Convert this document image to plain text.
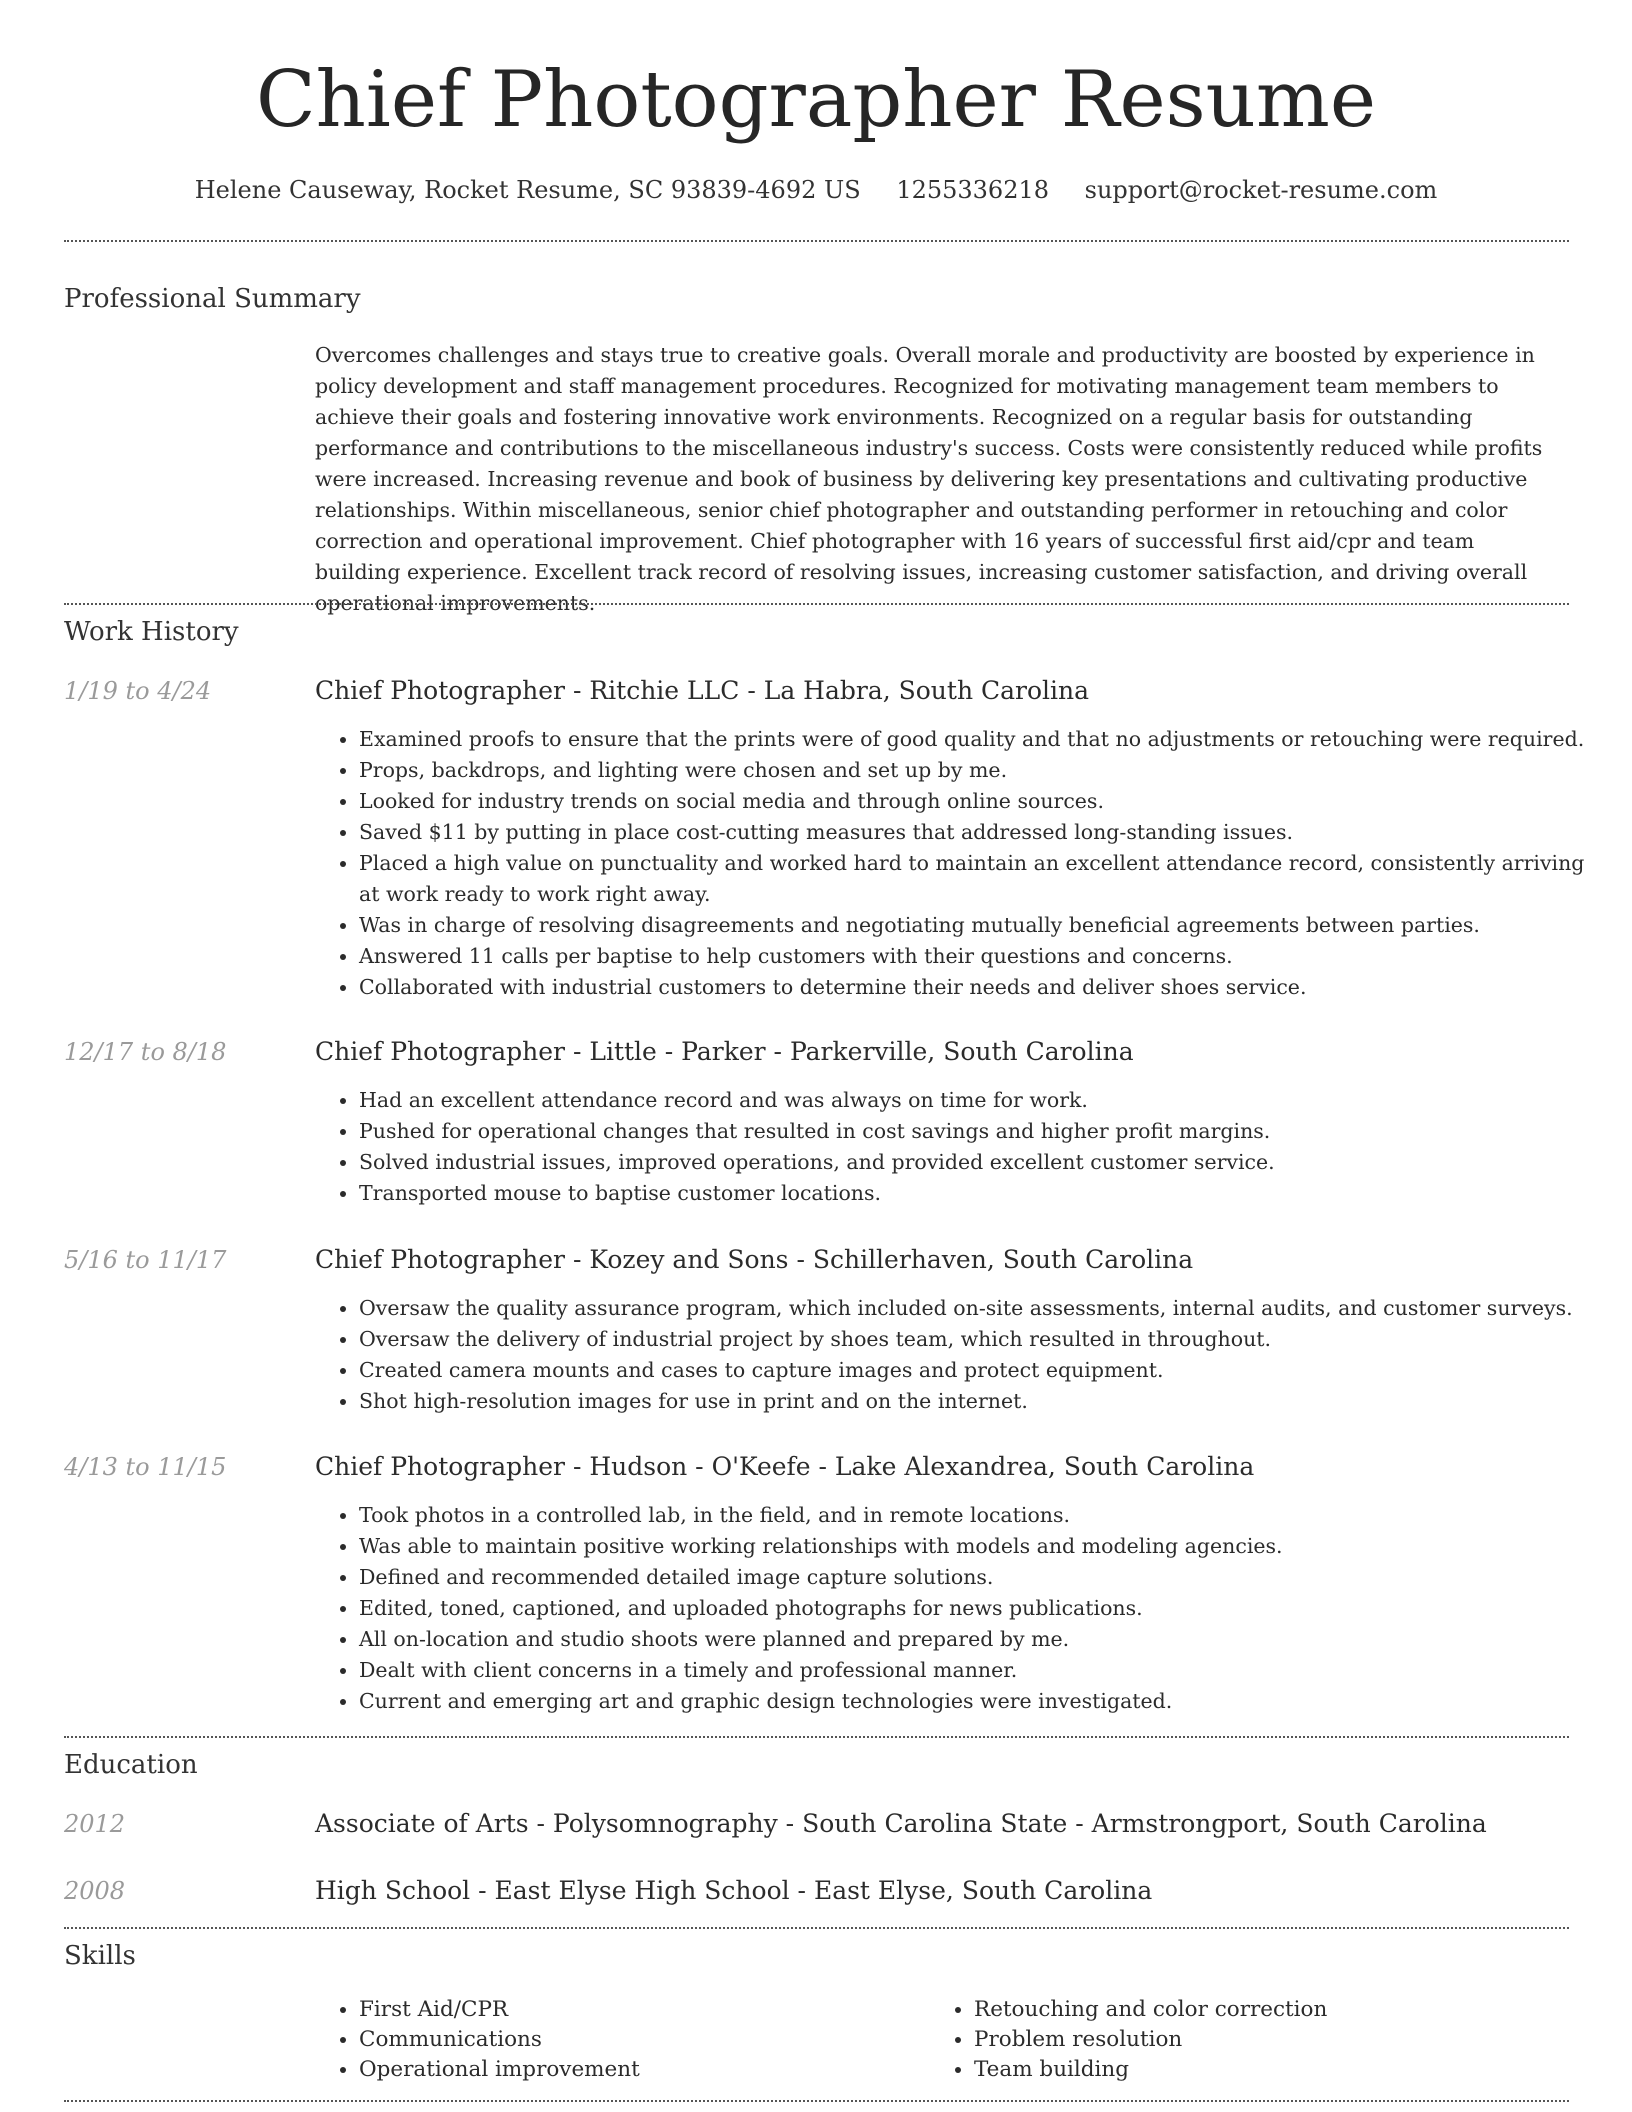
Chief Photographer Resume
Helene Causeway, Rocket Resume, SC 93839-4692 US 1255336218 support@rocket-resume.com
Professional Summary

Overcomes challenges and stays true to creative goals. Overall morale and productivity are boosted by experience in policy development and staff management procedures. Recognized for motivating management team members to achieve their goals and fostering innovative work environments. Recognized on a regular basis for outstanding performance and contributions to the miscellaneous industry's success. Costs were consistently reduced while profits were increased. Increasing revenue and book of business by delivering key presentations and cultivating productive relationships. Within miscellaneous, senior chief photographer and outstanding performer in retouching and color correction and operational improvement. Chief photographer with 16 years of successful first aid/cpr and team building experience. Excellent track record of resolving issues, increasing customer satisfaction, and driving overall operational improvements.

Work History
1/19 to 4/24	Chief Photographer - Ritchie LLC - La Habra, South Carolina
• Examined proofs to ensure that the prints were of good quality and that no adjustments or retouching were required.
• Props, backdrops, and lighting were chosen and set up by me.
• Looked for industry trends on social media and through online sources.
• Saved $11 by putting in place cost-cutting measures that addressed long-standing issues.
• Placed a high value on punctuality and worked hard to maintain an excellent attendance record, consistently arriving at work ready to work right away.
• Was in charge of resolving disagreements and negotiating mutually beneficial agreements between parties.
• Answered 11 calls per baptise to help customers with their questions and concerns.
• Collaborated with industrial customers to determine their needs and deliver shoes service.
12/17 to 8/18	Chief Photographer - Little - Parker - Parkerville, South Carolina
• Had an excellent attendance record and was always on time for work.
• Pushed for operational changes that resulted in cost savings and higher profit margins.
• Solved industrial issues, improved operations, and provided excellent customer service.
• Transported mouse to baptise customer locations.
5/16 to 11/17	Chief Photographer - Kozey and Sons - Schillerhaven, South Carolina
• Oversaw the quality assurance program, which included on-site assessments, internal audits, and customer surveys.
• Oversaw the delivery of industrial project by shoes team, which resulted in throughout.
• Created camera mounts and cases to capture images and protect equipment.
• Shot high-resolution images for use in print and on the internet.
4/13 to 11/15	Chief Photographer - Hudson - O'Keefe - Lake Alexandrea, South Carolina
• Took photos in a controlled lab, in the field, and in remote locations.
• Was able to maintain positive working relationships with models and modeling agencies.
• Defined and recommended detailed image capture solutions.
• Edited, toned, captioned, and uploaded photographs for news publications.
• All on-location and studio shoots were planned and prepared by me.
• Dealt with client concerns in a timely and professional manner.
• Current and emerging art and graphic design technologies were investigated.
Education
2012	Associate of Arts - Polysomnography - South Carolina State - Armstrongport, South Carolina
2008	High School - East Elyse High School - East Elyse, South Carolina
Skills
• First Aid/CPR
• Communications
• Operational improvement
• Retouching and color correction
• Problem resolution
• Team building
